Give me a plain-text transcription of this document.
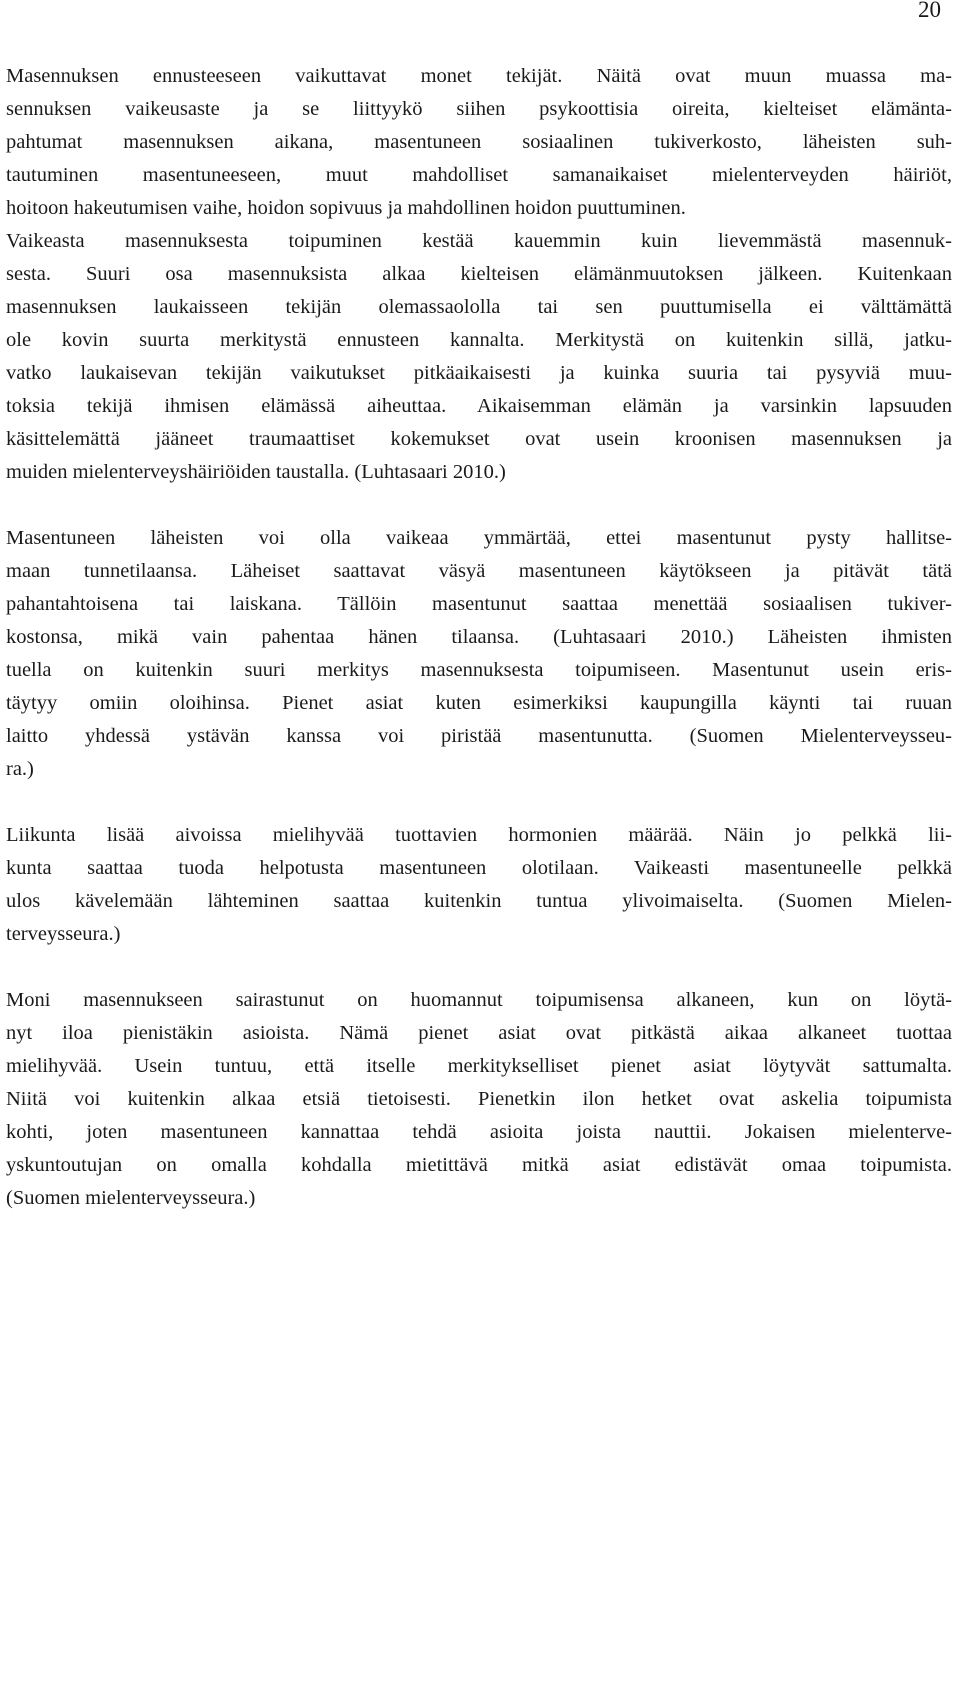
20

Masennuksen ennusteeseen vaikuttavat monet tekijät. Näitä ovat muun muassa ma-

sennuksen vaikeusaste ja se liittyykö siihen psykoottisia oireita, kielteiset elämänta-

pahtumat masennuksen aikana, masentuneen sosiaalinen tukiverkosto, läheisten suh-

tautuminen masentuneeseen, muut mahdolliset samanaikaiset mielenterveyden häiriöt,

hoitoon hakeutumisen vaihe, hoidon sopivuus ja mahdollinen hoidon puuttuminen.

Vaikeasta masennuksesta toipuminen kestää kauemmin kuin lievemmästä masennuk-

sesta. Suuri osa masennuksista alkaa kielteisen elämänmuutoksen jälkeen. Kuitenkaan

masennuksen laukaisseen tekijän olemassaololla tai sen puuttumisella ei välttämättä

ole kovin suurta merkitystä ennusteen kannalta. Merkitystä on kuitenkin sillä, jatku-

vatko laukaisevan tekijän vaikutukset pitkäaikaisesti ja kuinka suuria tai pysyviä muu-

toksia tekijä ihmisen elämässä aiheuttaa. Aikaisemman elämän ja varsinkin lapsuuden

käsittelemättä jääneet traumaattiset kokemukset ovat usein kroonisen masennuksen ja

muiden mielenterveyshäiriöiden taustalla. (Luhtasaari 2010.)

Masentuneen läheisten voi olla vaikeaa ymmärtää, ettei masentunut pysty hallitse-

maan tunnetilaansa. Läheiset saattavat väsyä masentuneen käytökseen ja pitävät tätä

pahantahtoisena tai laiskana. Tällöin masentunut saattaa menettää sosiaalisen tukiver-

kostonsa, mikä vain pahentaa hänen tilaansa. (Luhtasaari 2010.) Läheisten ihmisten

tuella on kuitenkin suuri merkitys masennuksesta toipumiseen. Masentunut usein eris-

täytyy omiin oloihinsa. Pienet asiat kuten esimerkiksi kaupungilla käynti tai ruuan

laitto yhdessä ystävän kanssa voi piristää masentunutta. (Suomen Mielenterveysseu-

ra.)

Liikunta lisää aivoissa mielihyvää tuottavien hormonien määrää. Näin jo pelkkä lii-

kunta saattaa tuoda helpotusta masentuneen olotilaan. Vaikeasti masentuneelle pelkkä

ulos kävelemään lähteminen saattaa kuitenkin tuntua ylivoimaiselta. (Suomen Mielen-

terveysseura.)

Moni masennukseen sairastunut on huomannut toipumisensa alkaneen, kun on löytä-

nyt iloa pienistäkin asioista. Nämä pienet asiat ovat pitkästä aikaa alkaneet tuottaa

mielihyvää. Usein tuntuu, että itselle merkitykselliset pienet asiat löytyvät sattumalta.

Niitä voi kuitenkin alkaa etsiä tietoisesti. Pienetkin ilon hetket ovat askelia toipumista

kohti, joten masentuneen kannattaa tehdä asioita joista nauttii. Jokaisen mielenterve-

yskuntoutujan on omalla kohdalla mietittävä mitkä asiat edistävät omaa toipumista.

(Suomen mielenterveysseura.)
